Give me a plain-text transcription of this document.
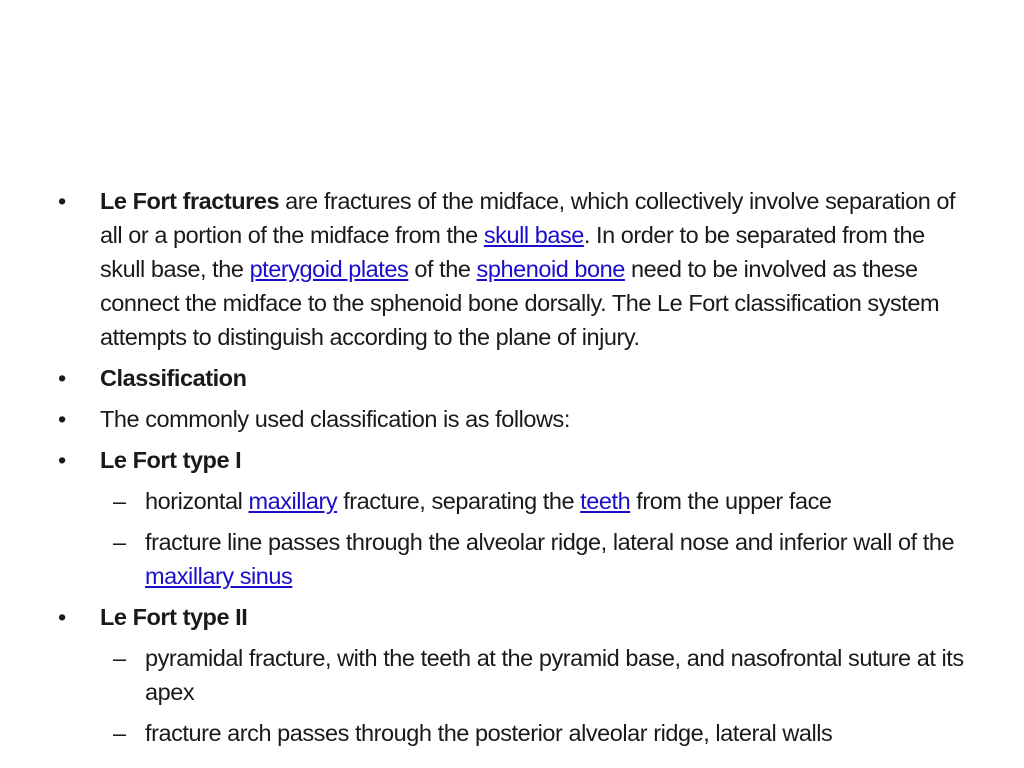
•	Le Fort fractures are fractures of the midface, which collectively involve separation of all or a portion of the midface from the skull base. In order to be separated from the skull base, the pterygoid plates of the sphenoid bone need to be involved as these connect the midface to the sphenoid bone dorsally. The Le Fort classification system attempts to distinguish according to the plane of injury.
•	Classification
•	The commonly used classification is as follows:
•	Le Fort type I
– horizontal maxillary fracture, separating the teeth from the upper face
– fracture line passes through the alveolar ridge, lateral nose and inferior wall of the maxillary sinus
•	Le Fort type II
– pyramidal fracture, with the teeth at the pyramid base, and nasofrontal suture at its apex
– fracture arch passes through the posterior alveolar ridge, lateral walls
